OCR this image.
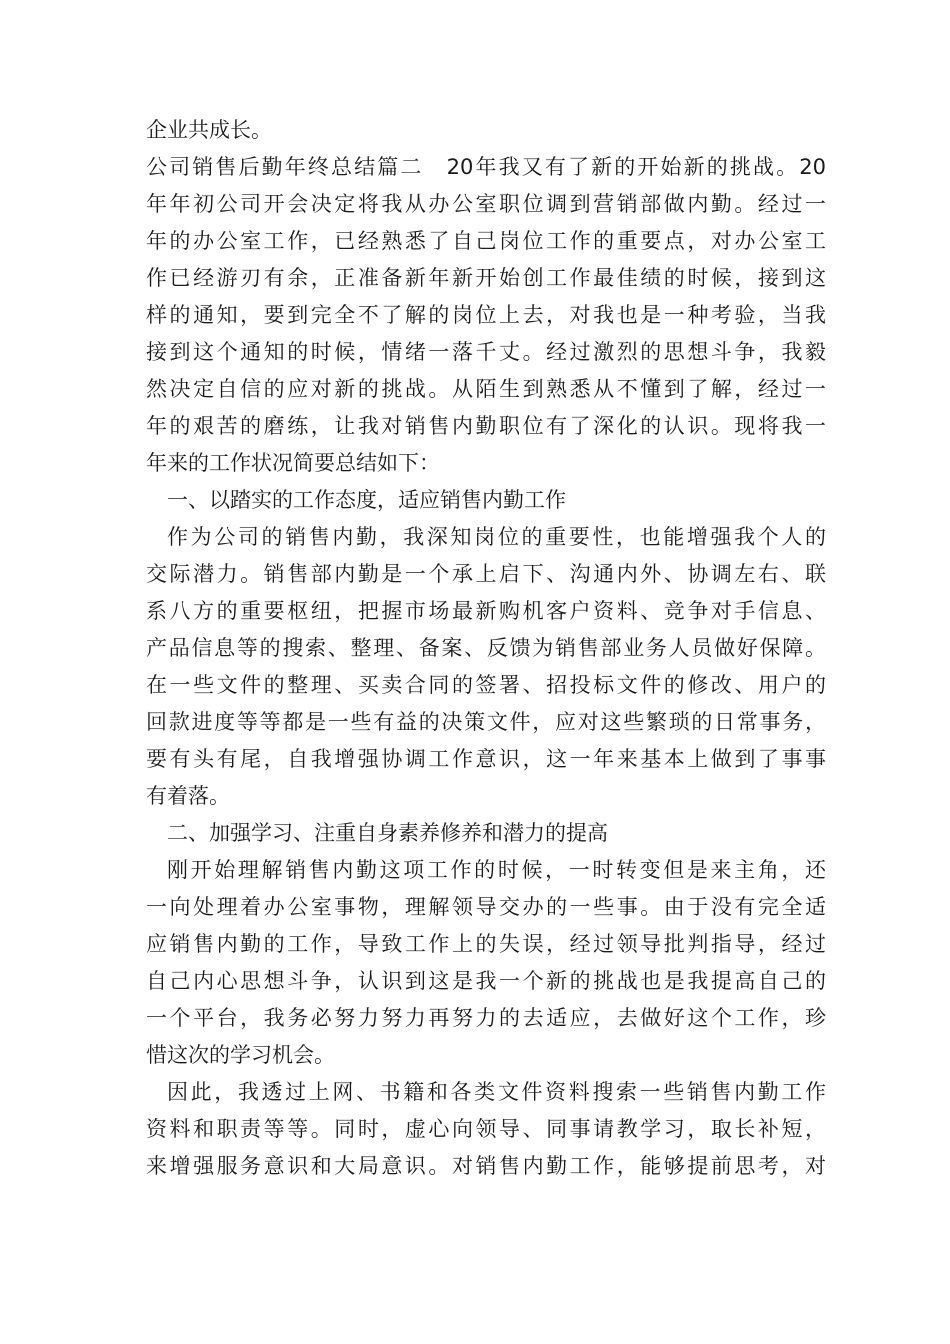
企业共成长。
公司销售后勤年终总结篇二　20年我又有了新的开始新的挑战。20
年年初公司开会决定将我从办公室职位调到营销部做内勤。经过一
年的办公室工作，已经熟悉了自己岗位工作的重要点，对办公室工
作已经游刃有余，正准备新年新开始创工作最佳绩的时候，接到这
样的通知，要到完全不了解的岗位上去，对我也是一种考验，当我
接到这个通知的时候，情绪一落千丈。经过激烈的思想斗争，我毅
然决定自信的应对新的挑战。从陌生到熟悉从不懂到了解，经过一
年的艰苦的磨练，让我对销售内勤职位有了深化的认识。现将我一
年来的工作状况简要总结如下：
一、以踏实的工作态度，适应销售内勤工作
作为公司的销售内勤，我深知岗位的重要性，也能增强我个人的
交际潜力。销售部内勤是一个承上启下、沟通内外、协调左右、联
系八方的重要枢纽，把握市场最新购机客户资料、竞争对手信息、
产品信息等的搜索、整理、备案、反馈为销售部业务人员做好保障。
在一些文件的整理、买卖合同的签署、招投标文件的修改、用户的
回款进度等等都是一些有益的决策文件，应对这些繁琐的日常事务，
要有头有尾，自我增强协调工作意识，这一年来基本上做到了事事
有着落。
二、加强学习、注重自身素养修养和潜力的提高
刚开始理解销售内勤这项工作的时候，一时转变但是来主角，还
一向处理着办公室事物，理解领导交办的一些事。由于没有完全适
应销售内勤的工作，导致工作上的失误，经过领导批判指导，经过
自己内心思想斗争，认识到这是我一个新的挑战也是我提高自己的
一个平台，我务必努力努力再努力的去适应，去做好这个工作，珍
惜这次的学习机会。
因此，我透过上网、书籍和各类文件资料搜索一些销售内勤工作
资料和职责等等。同时，虚心向领导、同事请教学习，取长补短，
来增强服务意识和大局意识。对销售内勤工作，能够提前思考，对
